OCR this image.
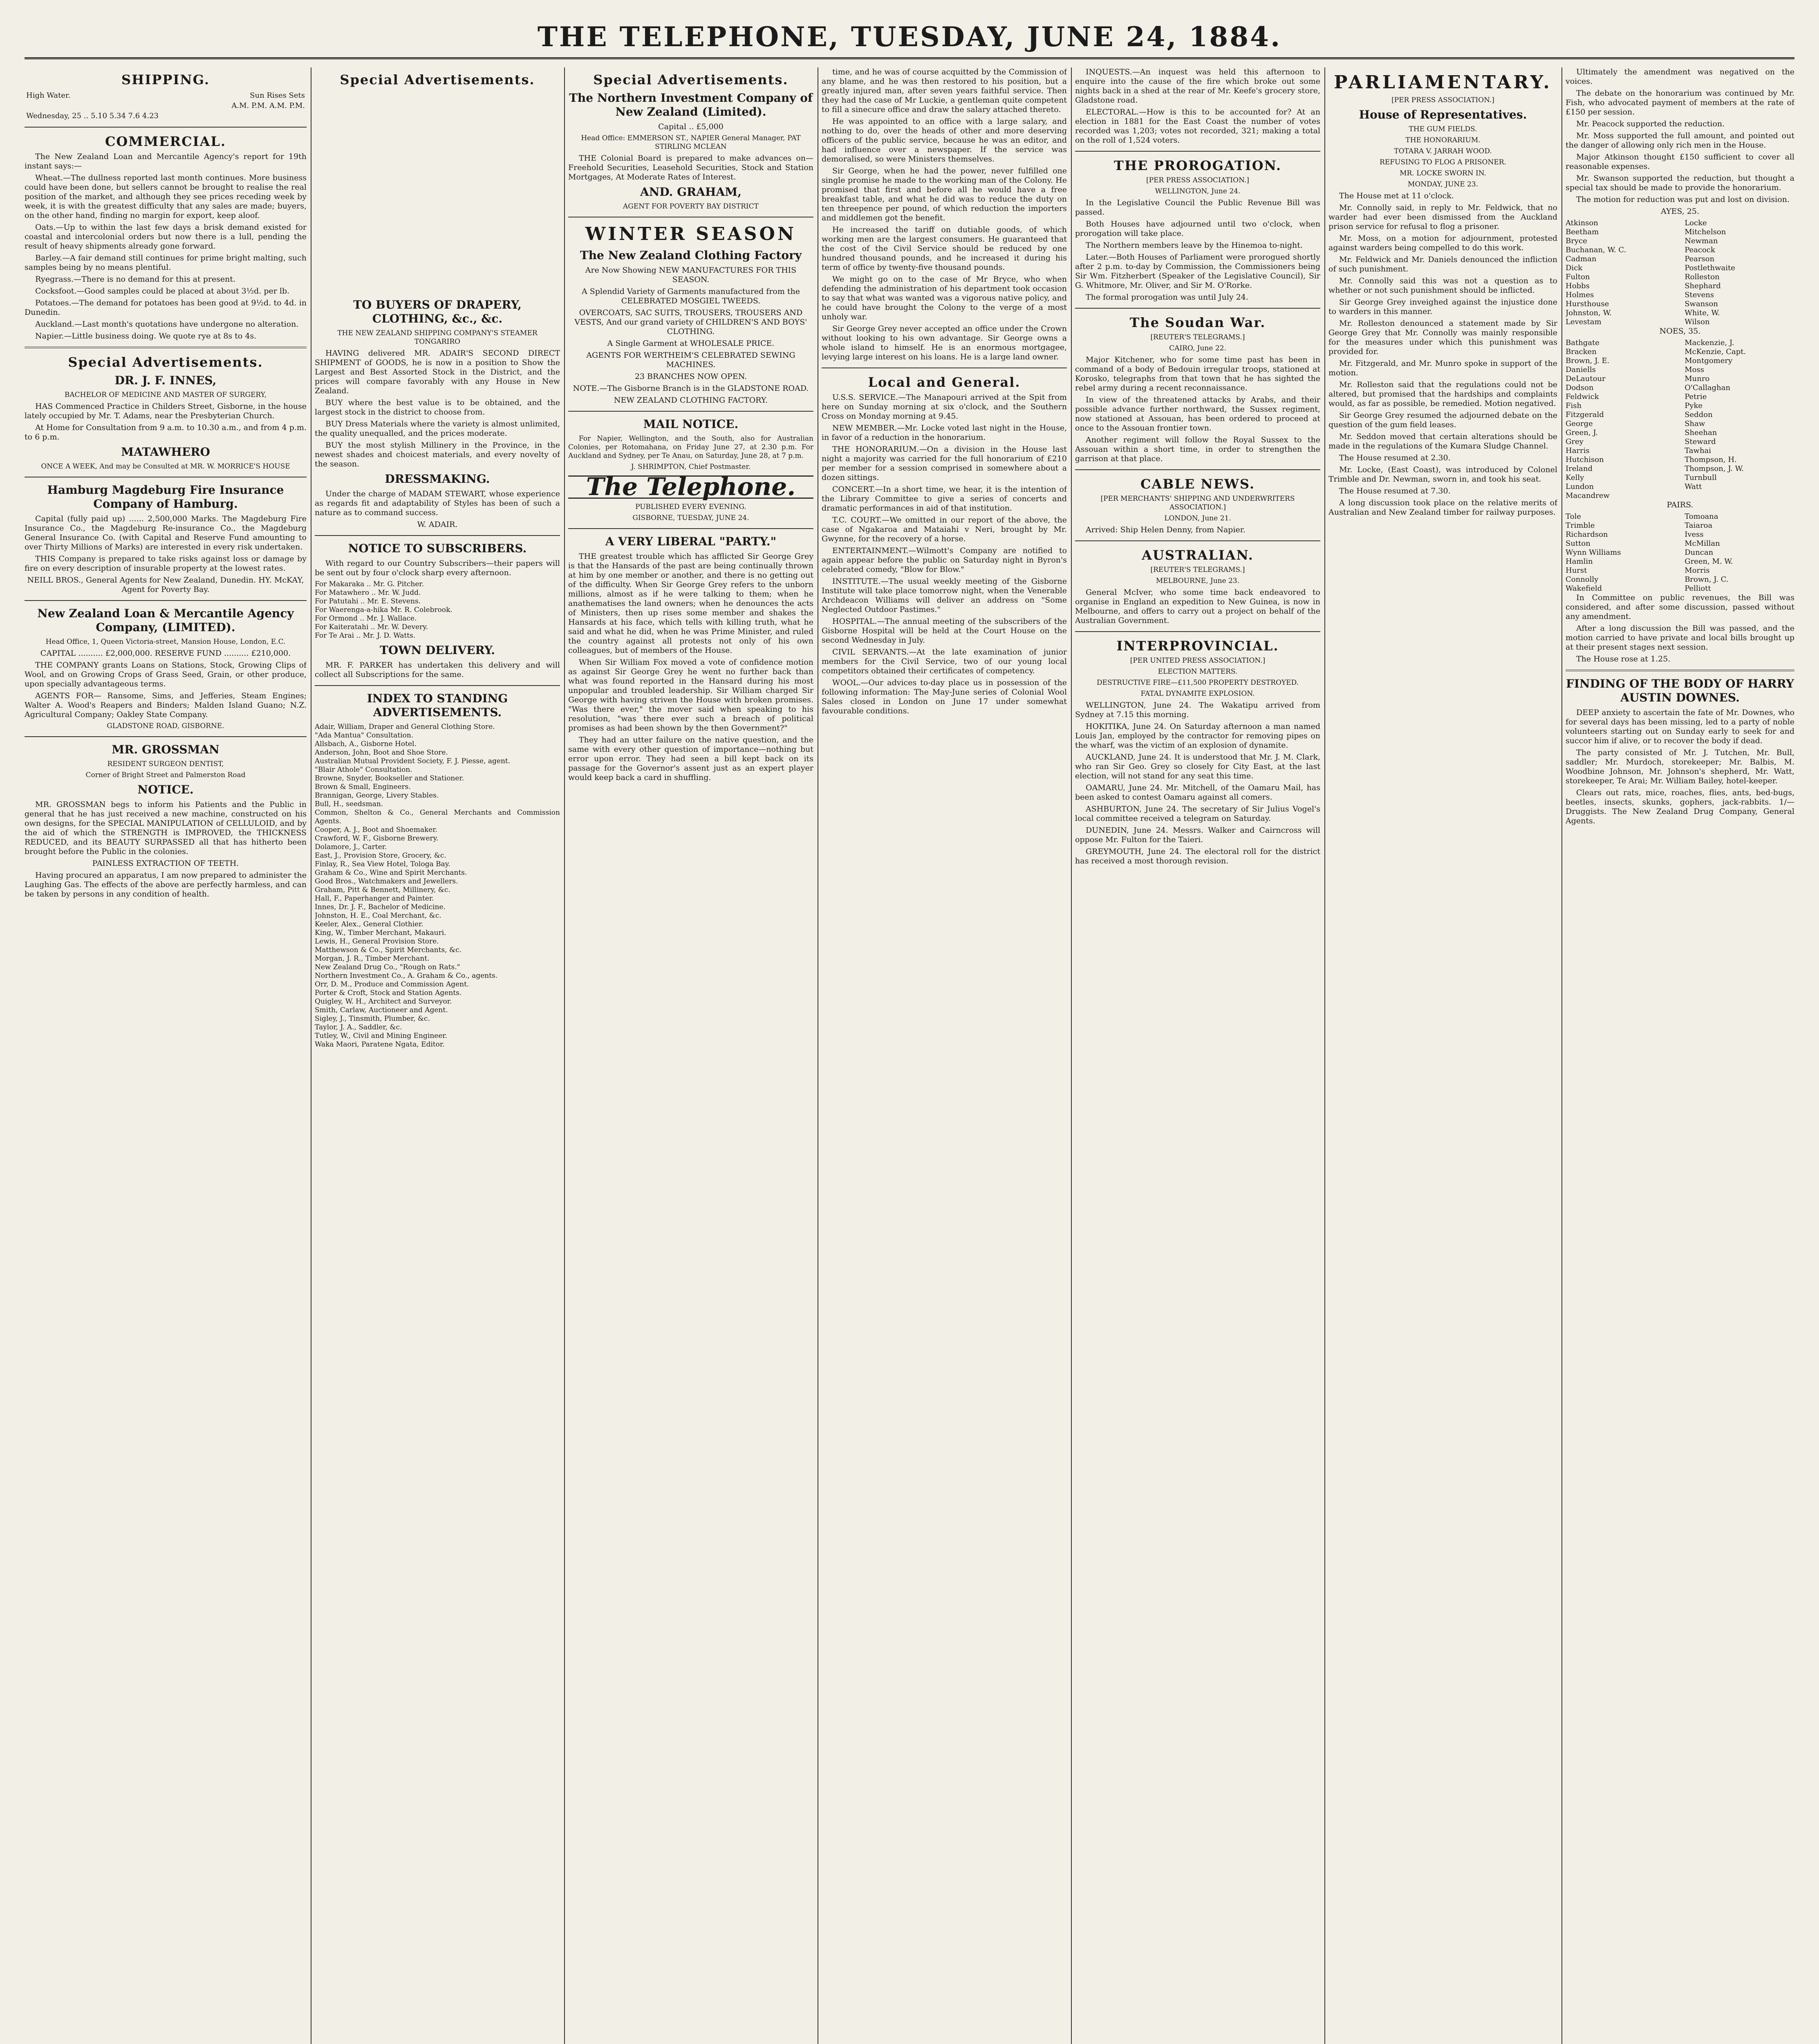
THE TELEPHONE, TUESDAY, JUNE 24, 1884.
SHIPPING.
High Water.	Sun Rises Sets
A.M. P.M. A.M. P.M.
Wednesday, 25 .. 5.10 5.34 7.6 4.23
COMMERCIAL.

The New Zealand Loan and Mercantile Agency's report for 19th instant says:—

Wheat.—The dullness reported last month continues. More business could have been done, but sellers cannot be brought to realise the real position of the market, and although they see prices receding week by week, it is with the greatest difficulty that any sales are made; buyers, on the other hand, finding no margin for export, keep aloof.

Oats.—Up to within the last few days a brisk demand existed for coastal and intercolonial orders but now there is a lull, pending the result of heavy shipments already gone forward.

Barley.—A fair demand still continues for prime bright malting, such samples being by no means plentiful.

Ryegrass.—There is no demand for this at present.

Cocksfoot.—Good samples could be placed at about 3½d. per lb.

Potatoes.—The demand for potatoes has been good at 9½d. to 4d. in Dunedin.

Auckland.—Last month's quotations have undergone no alteration.

Napier.—Little business doing. We quote rye at 8s to 4s.

Special Advertisements.
DR. J. F. INNES,

BACHELOR OF MEDICINE AND MASTER OF SURGERY,

HAS Commenced Practice in Childers Street, Gisborne, in the house lately occupied by Mr. T. Adams, near the Presbyterian Church.

At Home for Consultation from 9 a.m. to 10.30 a.m., and from 4 p.m. to 6 p.m.

MATAWHERO

ONCE A WEEK, And may be Consulted at MR. W. MORRICE'S HOUSE

Hamburg Magdeburg Fire Insurance Company of Hamburg.

Capital (fully paid up) ...... 2,500,000 Marks. The Magdeburg Fire Insurance Co., the Magdeburg Re-insurance Co., the Magdeburg General Insurance Co. (with Capital and Reserve Fund amounting to over Thirty Millions of Marks) are interested in every risk undertaken.

THIS Company is prepared to take risks against loss or damage by fire on every description of insurable property at the lowest rates.

NEILL BROS., General Agents for New Zealand, Dunedin. HY. McKAY, Agent for Poverty Bay.

New Zealand Loan & Mercantile Agency Company, (LIMITED).

Head Office, 1, Queen Victoria-street, Mansion House, London, E.C.

CAPITAL .......... £2,000,000. RESERVE FUND .......... £210,000.

THE COMPANY grants Loans on Stations, Stock, Growing Clips of Wool, and on Growing Crops of Grass Seed, Grain, or other produce, upon specially advantageous terms.

AGENTS FOR— Ransome, Sims, and Jefferies, Steam Engines; Walter A. Wood's Reapers and Binders; Malden Island Guano; N.Z. Agricultural Company; Oakley State Company.

GLADSTONE ROAD, GISBORNE.

MR. GROSSMAN

RESIDENT SURGEON DENTIST,

Corner of Bright Street and Palmerston Road

NOTICE.

MR. GROSSMAN begs to inform his Patients and the Public in general that he has just received a new machine, constructed on his own designs, for the SPECIAL MANIPULATION of CELLULOID, and by the aid of which the STRENGTH is IMPROVED, the THICKNESS REDUCED, and its BEAUTY SURPASSED all that has hitherto been brought before the Public in the colonies.

PAINLESS EXTRACTION OF TEETH.

Having procured an apparatus, I am now prepared to administer the Laughing Gas. The effects of the above are perfectly harmless, and can be taken by persons in any condition of health.

Special Advertisements.
TO BUYERS OF DRAPERY, CLOTHING, &c., &c.

THE NEW ZEALAND SHIPPING COMPANY'S STEAMER TONGARIRO

HAVING delivered MR. ADAIR'S SECOND DIRECT SHIPMENT of GOODS, he is now in a position to Show the Largest and Best Assorted Stock in the District, and the prices will compare favorably with any House in New Zealand.

BUY where the best value is to be obtained, and the largest stock in the district to choose from.

BUY Dress Materials where the variety is almost unlimited, the quality unequalled, and the prices moderate.

BUY the most stylish Millinery in the Province, in the newest shades and choicest materials, and every novelty of the season.

DRESSMAKING.

Under the charge of MADAM STEWART, whose experience as regards fit and adaptability of Styles has been of such a nature as to command success.

W. ADAIR.

NOTICE TO SUBSCRIBERS.

With regard to our Country Subscribers—their papers will be sent out by four o'clock sharp every afternoon.

For Makaraka .. Mr. G. Pitcher.
For Matawhero .. Mr. W. Judd.
For Patutahi .. Mr. E. Stevens.
For Waerenga-a-hika Mr. R. Colebrook.
For Ormond .. Mr. J. Wallace.
For Kaiteratahi .. Mr. W. Devery.
For Te Arai .. Mr. J. D. Watts.
TOWN DELIVERY.

MR. F. PARKER has undertaken this delivery and will collect all Subscriptions for the same.

INDEX TO STANDING ADVERTISEMENTS.
Adair, William, Draper and General Clothing Store.
"Ada Mantua" Consultation.
Allsbach, A., Gisborne Hotel.
Anderson, John, Boot and Shoe Store.
Australian Mutual Provident Society, F. J. Piesse, agent.
"Blair Athole" Consultation.
Browne, Snyder, Bookseller and Stationer.
Brown & Small, Engineers.
Brannigan, George, Livery Stables.
Bull, H., seedsman.
Common, Shelton & Co., General Merchants and Commission Agents.
Cooper, A. J., Boot and Shoemaker.
Crawford, W. F., Gisborne Brewery.
Dolamore, J., Carter.
East, J., Provision Store, Grocery, &c.
Finlay, R., Sea View Hotel, Tologa Bay.
Graham & Co., Wine and Spirit Merchants.
Good Bros., Watchmakers and Jewellers.
Graham, Pitt & Bennett, Millinery, &c.
Hall, F., Paperhanger and Painter.
Innes, Dr. J. F., Bachelor of Medicine.
Johnston, H. E., Coal Merchant, &c.
Keeler, Alex., General Clothier.
King, W., Timber Merchant, Makauri.
Lewis, H., General Provision Store.
Matthewson & Co., Spirit Merchants, &c.
Morgan, J. R., Timber Merchant.
New Zealand Drug Co., "Rough on Rats."
Northern Investment Co., A. Graham & Co., agents.
Orr, D. M., Produce and Commission Agent.
Porter & Croft, Stock and Station Agents.
Quigley, W. H., Architect and Surveyor.
Smith, Carlaw, Auctioneer and Agent.
Sigley, J., Tinsmith, Plumber, &c.
Taylor, J. A., Saddler, &c.
Tutley, W., Civil and Mining Engineer.
Waka Maori, Paratene Ngata, Editor.
Special Advertisements.
The Northern Investment Company of New Zealand (Limited).

Capital .. £5,000

Head Office: EMMERSON ST., NAPIER General Manager, PAT STIRLING MCLEAN

THE Colonial Board is prepared to make advances on— Freehold Securities, Leasehold Securities, Stock and Station Mortgages, At Moderate Rates of Interest.

AND. GRAHAM,

AGENT FOR POVERTY BAY DISTRICT

WINTER SEASON
The New Zealand Clothing Factory

Are Now Showing NEW MANUFACTURES FOR THIS SEASON.

A Splendid Variety of Garments manufactured from the CELEBRATED MOSGIEL TWEEDS.

OVERCOATS, SAC SUITS, TROUSERS, TROUSERS AND VESTS, And our grand variety of CHILDREN'S AND BOYS' CLOTHING.

A Single Garment at WHOLESALE PRICE.

AGENTS FOR WERTHEIM'S CELEBRATED SEWING MACHINES.

23 BRANCHES NOW OPEN.

NOTE.—The Gisborne Branch is in the GLADSTONE ROAD.

NEW ZEALAND CLOTHING FACTORY.

MAIL NOTICE.

For Napier, Wellington, and the South, also for Australian Colonies, per Rotomahana, on Friday June 27, at 2.30 p.m. For Auckland and Sydney, per Te Anau, on Saturday, June 28, at 7 p.m.

J. SHRIMPTON, Chief Postmaster.

The Telephone.

PUBLISHED EVERY EVENING.

GISBORNE, TUESDAY, JUNE 24.

A VERY LIBERAL "PARTY."

THE greatest trouble which has afflicted Sir George Grey is that the Hansards of the past are being continually thrown at him by one member or another, and there is no getting out of the difficulty. When Sir George Grey refers to the unborn millions, almost as if he were talking to them; when he anathematises the land owners; when he denounces the acts of Ministers, then up rises some member and shakes the Hansards at his face, which tells with killing truth, what he said and what he did, when he was Prime Minister, and ruled the country against all protests not only of his own colleagues, but of members of the House.

When Sir William Fox moved a vote of confidence motion as against Sir George Grey he went no further back than what was found reported in the Hansard during his most unpopular and troubled leadership. Sir William charged Sir George with having striven the House with broken promises. "Was there ever," the mover said when speaking to his resolution, "was there ever such a breach of political promises as had been shown by the then Government?"

They had an utter failure on the native question, and the same with every other question of importance—nothing but error upon error. They had seen a bill kept back on its passage for the Governor's assent just as an expert player would keep back a card in shuffling.

time, and he was of course acquitted by the Commission of any blame, and he was then restored to his position, but a greatly injured man, after seven years faithful service. Then they had the case of Mr Luckie, a gentleman quite competent to fill a sinecure office and draw the salary attached thereto.

He was appointed to an office with a large salary, and nothing to do, over the heads of other and more deserving officers of the public service, because he was an editor, and had influence over a newspaper. If the service was demoralised, so were Ministers themselves.

Sir George, when he had the power, never fulfilled one single promise he made to the working man of the Colony. He promised that first and before all he would have a free breakfast table, and what he did was to reduce the duty on ten threepence per pound, of which reduction the importers and middlemen got the benefit.

He increased the tariff on dutiable goods, of which working men are the largest consumers. He guaranteed that the cost of the Civil Service should be reduced by one hundred thousand pounds, and he increased it during his term of office by twenty-five thousand pounds.

We might go on to the case of Mr Bryce, who when defending the administration of his department took occasion to say that what was wanted was a vigorous native policy, and he could have brought the Colony to the verge of a most unholy war.

Sir George Grey never accepted an office under the Crown without looking to his own advantage. Sir George owns a whole island to himself. He is an enormous mortgagee, levying large interest on his loans. He is a large land owner.

Local and General.

U.S.S. SERVICE.—The Manapouri arrived at the Spit from here on Sunday morning at six o'clock, and the Southern Cross on Monday morning at 9.45.

NEW MEMBER.—Mr. Locke voted last night in the House, in favor of a reduction in the honorarium.

THE HONORARIUM.—On a division in the House last night a majority was carried for the full honorarium of £210 per member for a session comprised in somewhere about a dozen sittings.

CONCERT.—In a short time, we hear, it is the intention of the Library Committee to give a series of concerts and dramatic performances in aid of that institution.

T.C. COURT.—We omitted in our report of the above, the case of Ngakaroa and Mataiahi v Neri, brought by Mr. Gwynne, for the recovery of a horse.

ENTERTAINMENT.—Wilmott's Company are notified to again appear before the public on Saturday night in Byron's celebrated comedy, "Blow for Blow."

INSTITUTE.—The usual weekly meeting of the Gisborne Institute will take place tomorrow night, when the Venerable Archdeacon Williams will deliver an address on "Some Neglected Outdoor Pastimes."

HOSPITAL.—The annual meeting of the subscribers of the Gisborne Hospital will be held at the Court House on the second Wednesday in July.

CIVIL SERVANTS.—At the late examination of junior members for the Civil Service, two of our young local competitors obtained their certificates of competency.

WOOL.—Our advices to-day place us in possession of the following information: The May-June series of Colonial Wool Sales closed in London on June 17 under somewhat favourable conditions.

INQUESTS.—An inquest was held this afternoon to enquire into the cause of the fire which broke out some nights back in a shed at the rear of Mr. Keefe's grocery store, Gladstone road.

ELECTORAL.—How is this to be accounted for? At an election in 1881 for the East Coast the number of votes recorded was 1,203; votes not recorded, 321; making a total on the roll of 1,524 voters.

THE PROROGATION.

[PER PRESS ASSOCIATION.]

WELLINGTON, June 24.

In the Legislative Council the Public Revenue Bill was passed.

Both Houses have adjourned until two o'clock, when prorogation will take place.

The Northern members leave by the Hinemoa to-night.

Later.—Both Houses of Parliament were prorogued shortly after 2 p.m. to-day by Commission, the Commissioners being Sir Wm. Fitzherbert (Speaker of the Legislative Council), Sir G. Whitmore, Mr. Oliver, and Sir M. O'Rorke.

The formal prorogation was until July 24.

The Soudan War.

[REUTER'S TELEGRAMS.]

CAIRO, June 22.

Major Kitchener, who for some time past has been in command of a body of Bedouin irregular troops, stationed at Korosko, telegraphs from that town that he has sighted the rebel army during a recent reconnaissance.

In view of the threatened attacks by Arabs, and their possible advance further northward, the Sussex regiment, now stationed at Assouan, has been ordered to proceed at once to the Assouan frontier town.

Another regiment will follow the Royal Sussex to the Assouan within a short time, in order to strengthen the garrison at that place.

CABLE NEWS.

[PER MERCHANTS' SHIPPING AND UNDERWRITERS ASSOCIATION.]

LONDON, June 21.

Arrived: Ship Helen Denny, from Napier.

AUSTRALIAN.

[REUTER'S TELEGRAMS.]

MELBOURNE, June 23.

General McIver, who some time back endeavored to organise in England an expedition to New Guinea, is now in Melbourne, and offers to carry out a project on behalf of the Australian Government.

INTERPROVINCIAL.

[PER UNITED PRESS ASSOCIATION.]

ELECTION MATTERS.

DESTRUCTIVE FIRE—£11,500 PROPERTY DESTROYED.

FATAL DYNAMITE EXPLOSION.

WELLINGTON, June 24. The Wakatipu arrived from Sydney at 7.15 this morning.

HOKITIKA, June 24. On Saturday afternoon a man named Louis Jan, employed by the contractor for removing pipes on the wharf, was the victim of an explosion of dynamite.

AUCKLAND, June 24. It is understood that Mr. J. M. Clark, who ran Sir Geo. Grey so closely for City East, at the last election, will not stand for any seat this time.

OAMARU, June 24. Mr. Mitchell, of the Oamaru Mail, has been asked to contest Oamaru against all comers.

ASHBURTON, June 24. The secretary of Sir Julius Vogel's local committee received a telegram on Saturday.

DUNEDIN, June 24. Messrs. Walker and Cairncross will oppose Mr. Fulton for the Taieri.

GREYMOUTH, June 24. The electoral roll for the district has received a most thorough revision.

PARLIAMENTARY.

[PER PRESS ASSOCIATION.]

House of Representatives.

THE GUM FIELDS.

THE HONORARIUM.

TOTARA V. JARRAH WOOD.

REFUSING TO FLOG A PRISONER.

MR. LOCKE SWORN IN.

MONDAY, JUNE 23.

The House met at 11 o'clock.

Mr. Connolly said, in reply to Mr. Feldwick, that no warder had ever been dismissed from the Auckland prison service for refusal to flog a prisoner.

Mr. Moss, on a motion for adjournment, protested against warders being compelled to do this work.

Mr. Feldwick and Mr. Daniels denounced the infliction of such punishment.

Mr. Connolly said this was not a question as to whether or not such punishment should be inflicted.

Sir George Grey inveighed against the injustice done to warders in this manner.

Mr. Rolleston denounced a statement made by Sir George Grey that Mr. Connolly was mainly responsible for the measures under which this punishment was provided for.

Mr. Fitzgerald, and Mr. Munro spoke in support of the motion.

Mr. Rolleston said that the regulations could not be altered, but promised that the hardships and complaints would, as far as possible, be remedied. Motion negatived.

Sir George Grey resumed the adjourned debate on the question of the gum field leases.

Mr. Seddon moved that certain alterations should be made in the regulations of the Kumara Sludge Channel.

The House resumed at 2.30.

Mr. Locke, (East Coast), was introduced by Colonel Trimble and Dr. Newman, sworn in, and took his seat.

The House resumed at 7.30.

A long discussion took place on the relative merits of Australian and New Zealand timber for railway purposes.

Ultimately the amendment was negatived on the voices.

The debate on the honorarium was continued by Mr. Fish, who advocated payment of members at the rate of £150 per session.

Mr. Peacock supported the reduction.

Mr. Moss supported the full amount, and pointed out the danger of allowing only rich men in the House.

Major Atkinson thought £150 sufficient to cover all reasonable expenses.

Mr. Swanson supported the reduction, but thought a special tax should be made to provide the honorarium.

The motion for reduction was put and lost on division.

AYES, 25.

Atkinson	Locke
Beetham	Mitchelson
Bryce	Newman
Buchanan, W. C.	Peacock
Cadman	Pearson
Dick	Postlethwaite
Fulton	Rolleston
Hobbs	Shephard
Holmes	Stevens
Hursthouse	Swanson
Johnston, W.	White, W.
Levestam	Wilson

NOES, 35.

Bathgate	Mackenzie, J.
Bracken	McKenzie, Capt.
Brown, J. E.	Montgomery
Daniells	Moss
DeLautour	Munro
Dodson	O'Callaghan
Feldwick	Petrie
Fish	Pyke
Fitzgerald	Seddon
George	Shaw
Green, J.	Sheehan
Grey	Steward
Harris	Tawhai
Hutchison	Thompson, H.
Ireland	Thompson, J. W.
Kelly	Turnbull
Lundon	Watt
Macandrew

PAIRS.

Tole	Tomoana
Trimble	Taiaroa
Richardson	Ivess
Sutton	McMillan
Wynn Williams	Duncan
Hamlin	Green, M. W.
Hurst	Morris
Connolly	Brown, J. C.
Wakefield	Pelliott

In Committee on public revenues, the Bill was considered, and after some discussion, passed without any amendment.

After a long discussion the Bill was passed, and the motion carried to have private and local bills brought up at their present stages next session.

The House rose at 1.25.

FINDING OF THE BODY OF HARRY AUSTIN DOWNES.

DEEP anxiety to ascertain the fate of Mr. Downes, who for several days has been missing, led to a party of noble volunteers starting out on Sunday early to seek for and succor him if alive, or to recover the body if dead.

The party consisted of Mr. J. Tutchen, Mr. Bull, saddler; Mr. Murdoch, storekeeper; Mr. Balbis, M. Woodbine Johnson, Mr. Johnson's shepherd, Mr. Watt, storekeeper, Te Arai; Mr. William Bailey, hotel-keeper.

Clears out rats, mice, roaches, flies, ants, bed-bugs, beetles, insects, skunks, gophers, jack-rabbits. 1/— Druggists. The New Zealand Drug Company, General Agents.
